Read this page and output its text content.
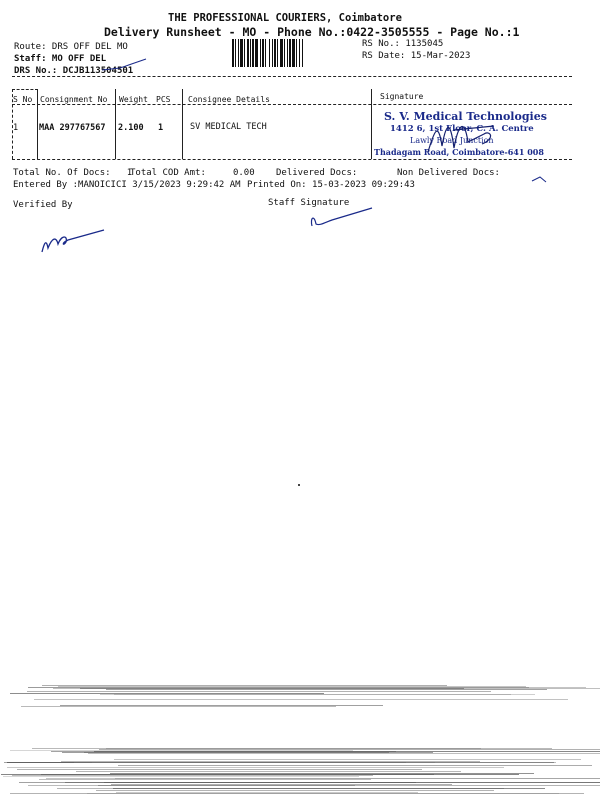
THE PROFESSIONAL COURIERS, Coimbatore
Delivery Runsheet - MO - Phone No.:0422-3505555 - Page No.:1
Route: DRS OFF DEL MO
Staff: MO OFF DEL
DRS No.: DCJB113504501
RS No.: 1135045
RS Date: 15-Mar-2023
S No Consignment No Weight PCS Consignee Details	Signature
1 MAA 297767567 2.100 1	SV MEDICAL TECH
S. V. Medical Technologies
1412 6, 1st Floor, C. A. Centre
Lawly Road Junction
Thadagam Road, Coimbatore-641 008
Total No. Of Docs:   1
Total COD Amt:     0.00 Delivered Docs:	Non Delivered Docs:
Entered By :MANOICICI 3/15/2023 9:29:42 AM Printed On: 15-03-2023 09:29:43
Verified By	Staff Signature
